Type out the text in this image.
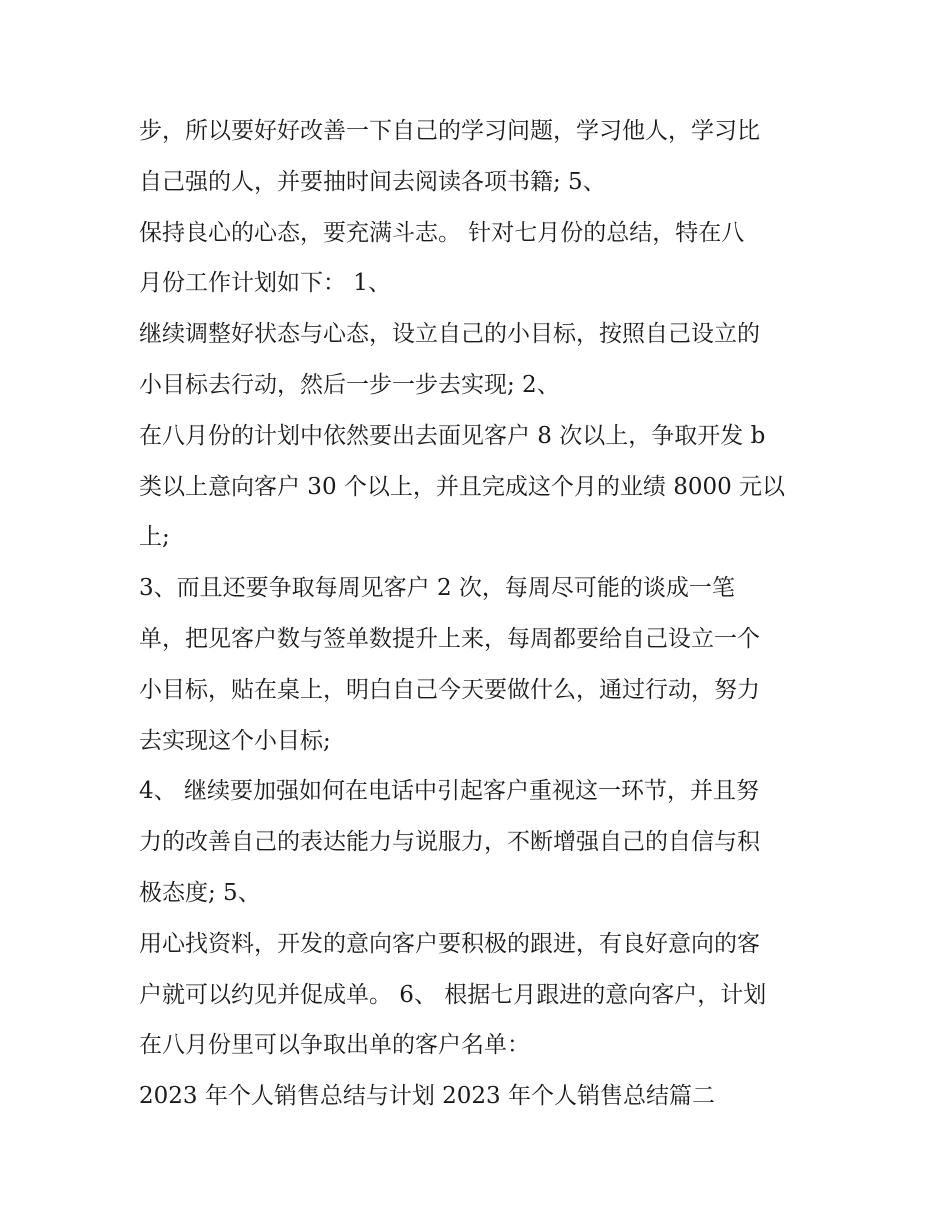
步，所以要好好改善一下自己的学习问题，学习他人，学习比
自己强的人，并要抽时间去阅读各项书籍; 5、
保持良心的心态，要充满斗志。 针对七月份的总结，特在八
月份工作计划如下： 1、
继续调整好状态与心态，设立自己的小目标，按照自己设立的
小目标去行动，然后一步一步去实现; 2、
在八月份的计划中依然要出去面见客户 8 次以上，争取开发 b
类以上意向客户 30 个以上，并且完成这个月的业绩 8000 元以
上;
3、而且还要争取每周见客户 2 次，每周尽可能的谈成一笔
单，把见客户数与签单数提升上来，每周都要给自己设立一个
小目标，贴在桌上，明白自己今天要做什么，通过行动，努力
去实现这个小目标;
4、 继续要加强如何在电话中引起客户重视这一环节，并且努
力的改善自己的表达能力与说服力，不断增强自己的自信与积
极态度; 5、
用心找资料，开发的意向客户要积极的跟进，有良好意向的客
户就可以约见并促成单。 6、 根据七月跟进的意向客户，计划
在八月份里可以争取出单的客户名单：
2023 年个人销售总结与计划 2023 年个人销售总结篇二
